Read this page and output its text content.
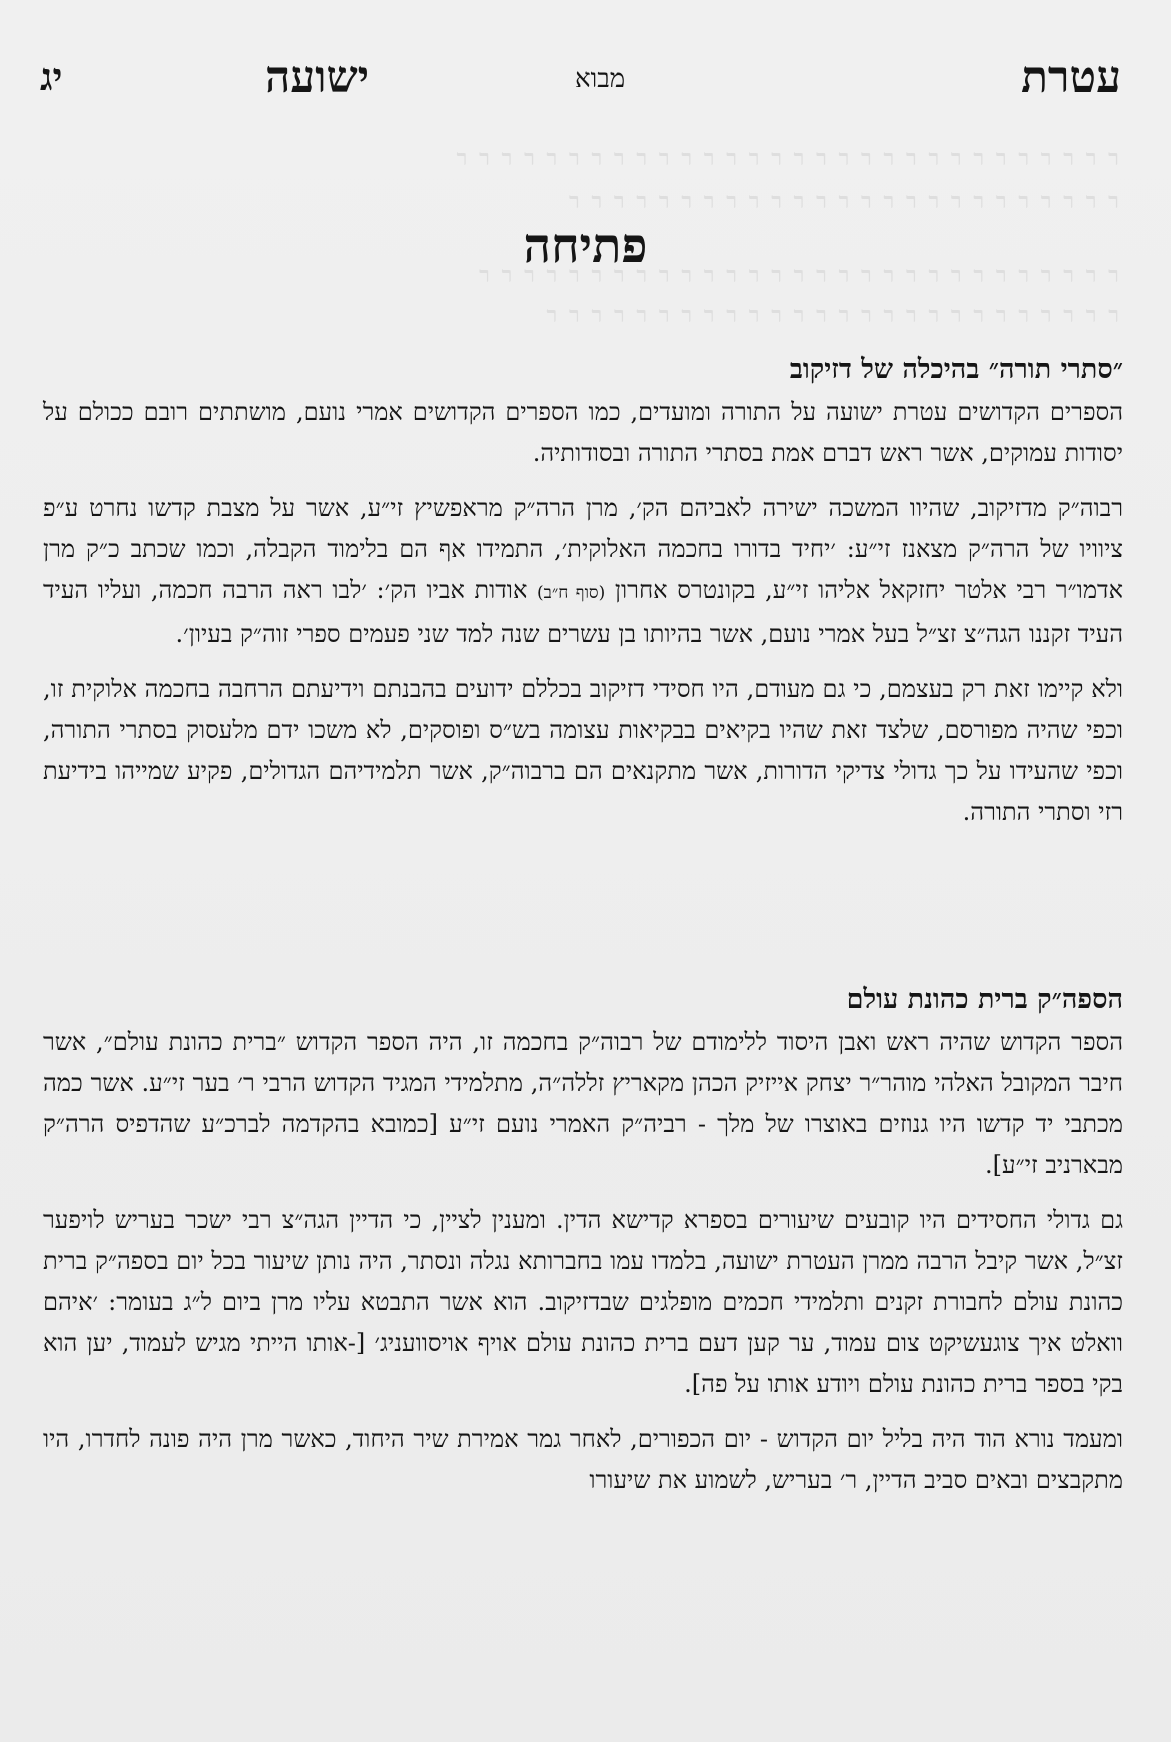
ﬧ ﬧ ﬧ ﬧ ﬧ ﬧ ﬧ ﬧ ﬧ ﬧ ﬧ ﬧ ﬧ ﬧ ﬧ ﬧ ﬧ ﬧ ﬧ ﬧ ﬧ ﬧ ﬧ ﬧ ﬧ ﬧ ﬧ ﬧ ﬧ ﬧ
ﬧ ﬧ ﬧ ﬧ ﬧ ﬧ ﬧ ﬧ ﬧ ﬧ ﬧ ﬧ ﬧ ﬧ ﬧ ﬧ ﬧ ﬧ ﬧ ﬧ ﬧ ﬧ ﬧ ﬧ ﬧ
ﬧ ﬧ ﬧ ﬧ ﬧ ﬧ ﬧ ﬧ ﬧ ﬧ ﬧ ﬧ ﬧ ﬧ ﬧ ﬧ ﬧ ﬧ ﬧ ﬧ ﬧ ﬧ ﬧ ﬧ ﬧ ﬧ ﬧ ﬧ ﬧ
ﬧ ﬧ ﬧ ﬧ ﬧ ﬧ ﬧ ﬧ ﬧ ﬧ ﬧ ﬧ ﬧ ﬧ ﬧ ﬧ ﬧ ﬧ ﬧ ﬧ ﬧ ﬧ ﬧ ﬧ ﬧ ﬧ
עטרת
מבוא
ישועה
יג
פתיחה
״סתרי תורה״ בהיכלה של דזיקוב

הספרים הקדושים עטרת ישועה על התורה ומועדים, כמו הספרים הקדושים אמרי נועם, מושתתים רובם ככולם על יסודות עמוקים, אשר ראש דברם אמת בסתרי התורה ובסודותיה.

רבוה״ק מדזיקוב, שהיוו המשכה ישירה לאביהם הק׳, מרן הרה״ק מראפשיץ זי״ע, אשר על מצבת קדשו נחרט ע״פ ציוויו של הרה״ק מצאנז זי״ע: ׳יחיד בדורו בחכמה האלוקית׳, התמידו אף הם בלימוד הקבלה, וכמו שכתב כ״ק מרן אדמו״ר רבי אלטר יחזקאל אליהו זי״ע, בקונטרס אחרון (סוף ח״ב) אודות אביו הק׳: ׳לבו ראה הרבה חכמה, ועליו העיד העיד זקננו הגה״צ זצ״ל בעל אמרי נועם, אשר בהיותו בן עשרים שנה למד שני פעמים ספרי זוה״ק בעיון׳.

ולא קיימו זאת רק בעצמם, כי גם מעודם, היו חסידי דזיקוב בכללם ידועים בהבנתם וידיעתם הרחבה בחכמה אלוקית זו, וכפי שהיה מפורסם, שלצד זאת שהיו בקיאים בבקיאות עצומה בש״ס ופוסקים, לא משכו ידם מלעסוק בסתרי התורה, וכפי שהעידו על כך גדולי צדיקי הדורות, אשר מתקנאים הם ברבוה״ק, אשר תלמידיהם הגדולים, פקיע שמייהו בידיעת רזי וסתרי התורה.

הספה״ק ברית כהונת עולם

הספר הקדוש שהיה ראש ואבן היסוד ללימודם של רבוה״ק בחכמה זו, היה הספר הקדוש ״ברית כהונת עולם״, אשר חיבר המקובל האלהי מוהר״ר יצחק אייזיק הכהן מקאריץ זללה״ה, מתלמידי המגיד הקדוש הרבי ר׳ בער זי״ע. אשר כמה מכתבי יד קדשו היו גנוזים באוצרו של מלך - רביה״ק האמרי נועם זי״ע [כמובא בהקדמה לברכ״ע שהדפיס הרה״ק מבארניב זי״ע].

גם גדולי החסידים היו קובעים שיעורים בספרא קדישא הדין. ומענין לציין, כי הדיין הגה״צ רבי ישכר בעריש לויפער זצ״ל, אשר קיבל הרבה ממרן העטרת ישועה, בלמדו עמו בחברותא נגלה ונסתר, היה נותן שיעור בכל יום בספה״ק ברית כהונת עולם לחבורת זקנים ותלמידי חכמים מופלגים שבדזיקוב. הוא אשר התבטא עליו מרן ביום ל״ג בעומר: ׳איהם וואלט איך צוגעשיקט צום עמוד, ער קען דעם ברית כהונת עולם אויף אויסוועניג׳ [-אותו הייתי מגיש לעמוד, יען הוא בקי בספר ברית כהונת עולם ויודע אותו על פה].

ומעמד נורא הוד היה בליל יום הקדוש - יום הכפורים, לאחר גמר אמירת שיר היחוד, כאשר מרן היה פונה לחדרו, היו מתקבצים ובאים סביב הדיין, ר׳ בעריש, לשמוע את שיעורו
